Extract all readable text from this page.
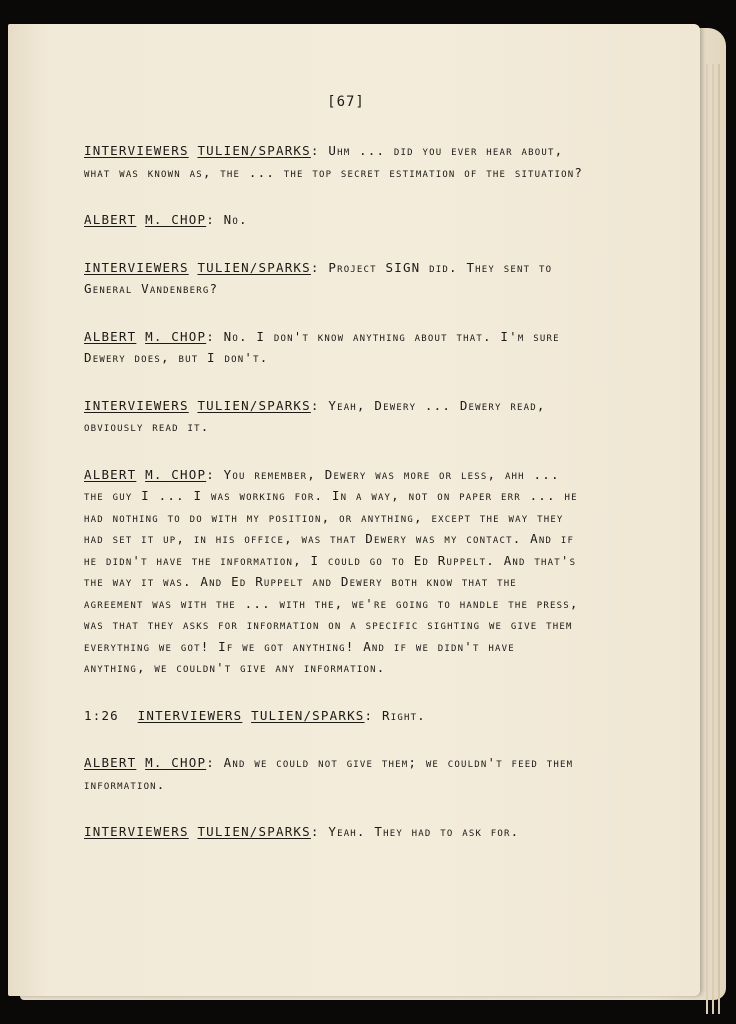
[67]

INTERVIEWERS TULIEN/SPARKS: Uhm ... did you ever hear about, what was known as, the ... the top secret estimation of the situation?

ALBERT M. CHOP: No.

INTERVIEWERS TULIEN/SPARKS: Project SIGN did. They sent to General Vandenberg?

ALBERT M. CHOP: No. I don't know anything about that. I'm sure Dewery does, but I don't.

INTERVIEWERS TULIEN/SPARKS: Yeah, Dewery ... Dewery read, obviously read it.

ALBERT M. CHOP: You remember, Dewery was more or less, ahh ... the guy I ... I was working for. In a way, not on paper err ... he had nothing to do with my position, or anything, except the way they had set it up, in his office, was that Dewery was my contact. And if he didn't have the information, I could go to Ed Ruppelt. And that's the way it was. And Ed Ruppelt and Dewery both know that the agreement was with the ... with the, we're going to handle the press, was that they asks for information on a specific sighting we give them everything we got! If we got anything! And if we didn't have anything, we couldn't give any information.

1:26 INTERVIEWERS TULIEN/SPARKS: Right.

ALBERT M. CHOP: And we could not give them; we couldn't feed them information.

INTERVIEWERS TULIEN/SPARKS: Yeah. They had to ask for.
